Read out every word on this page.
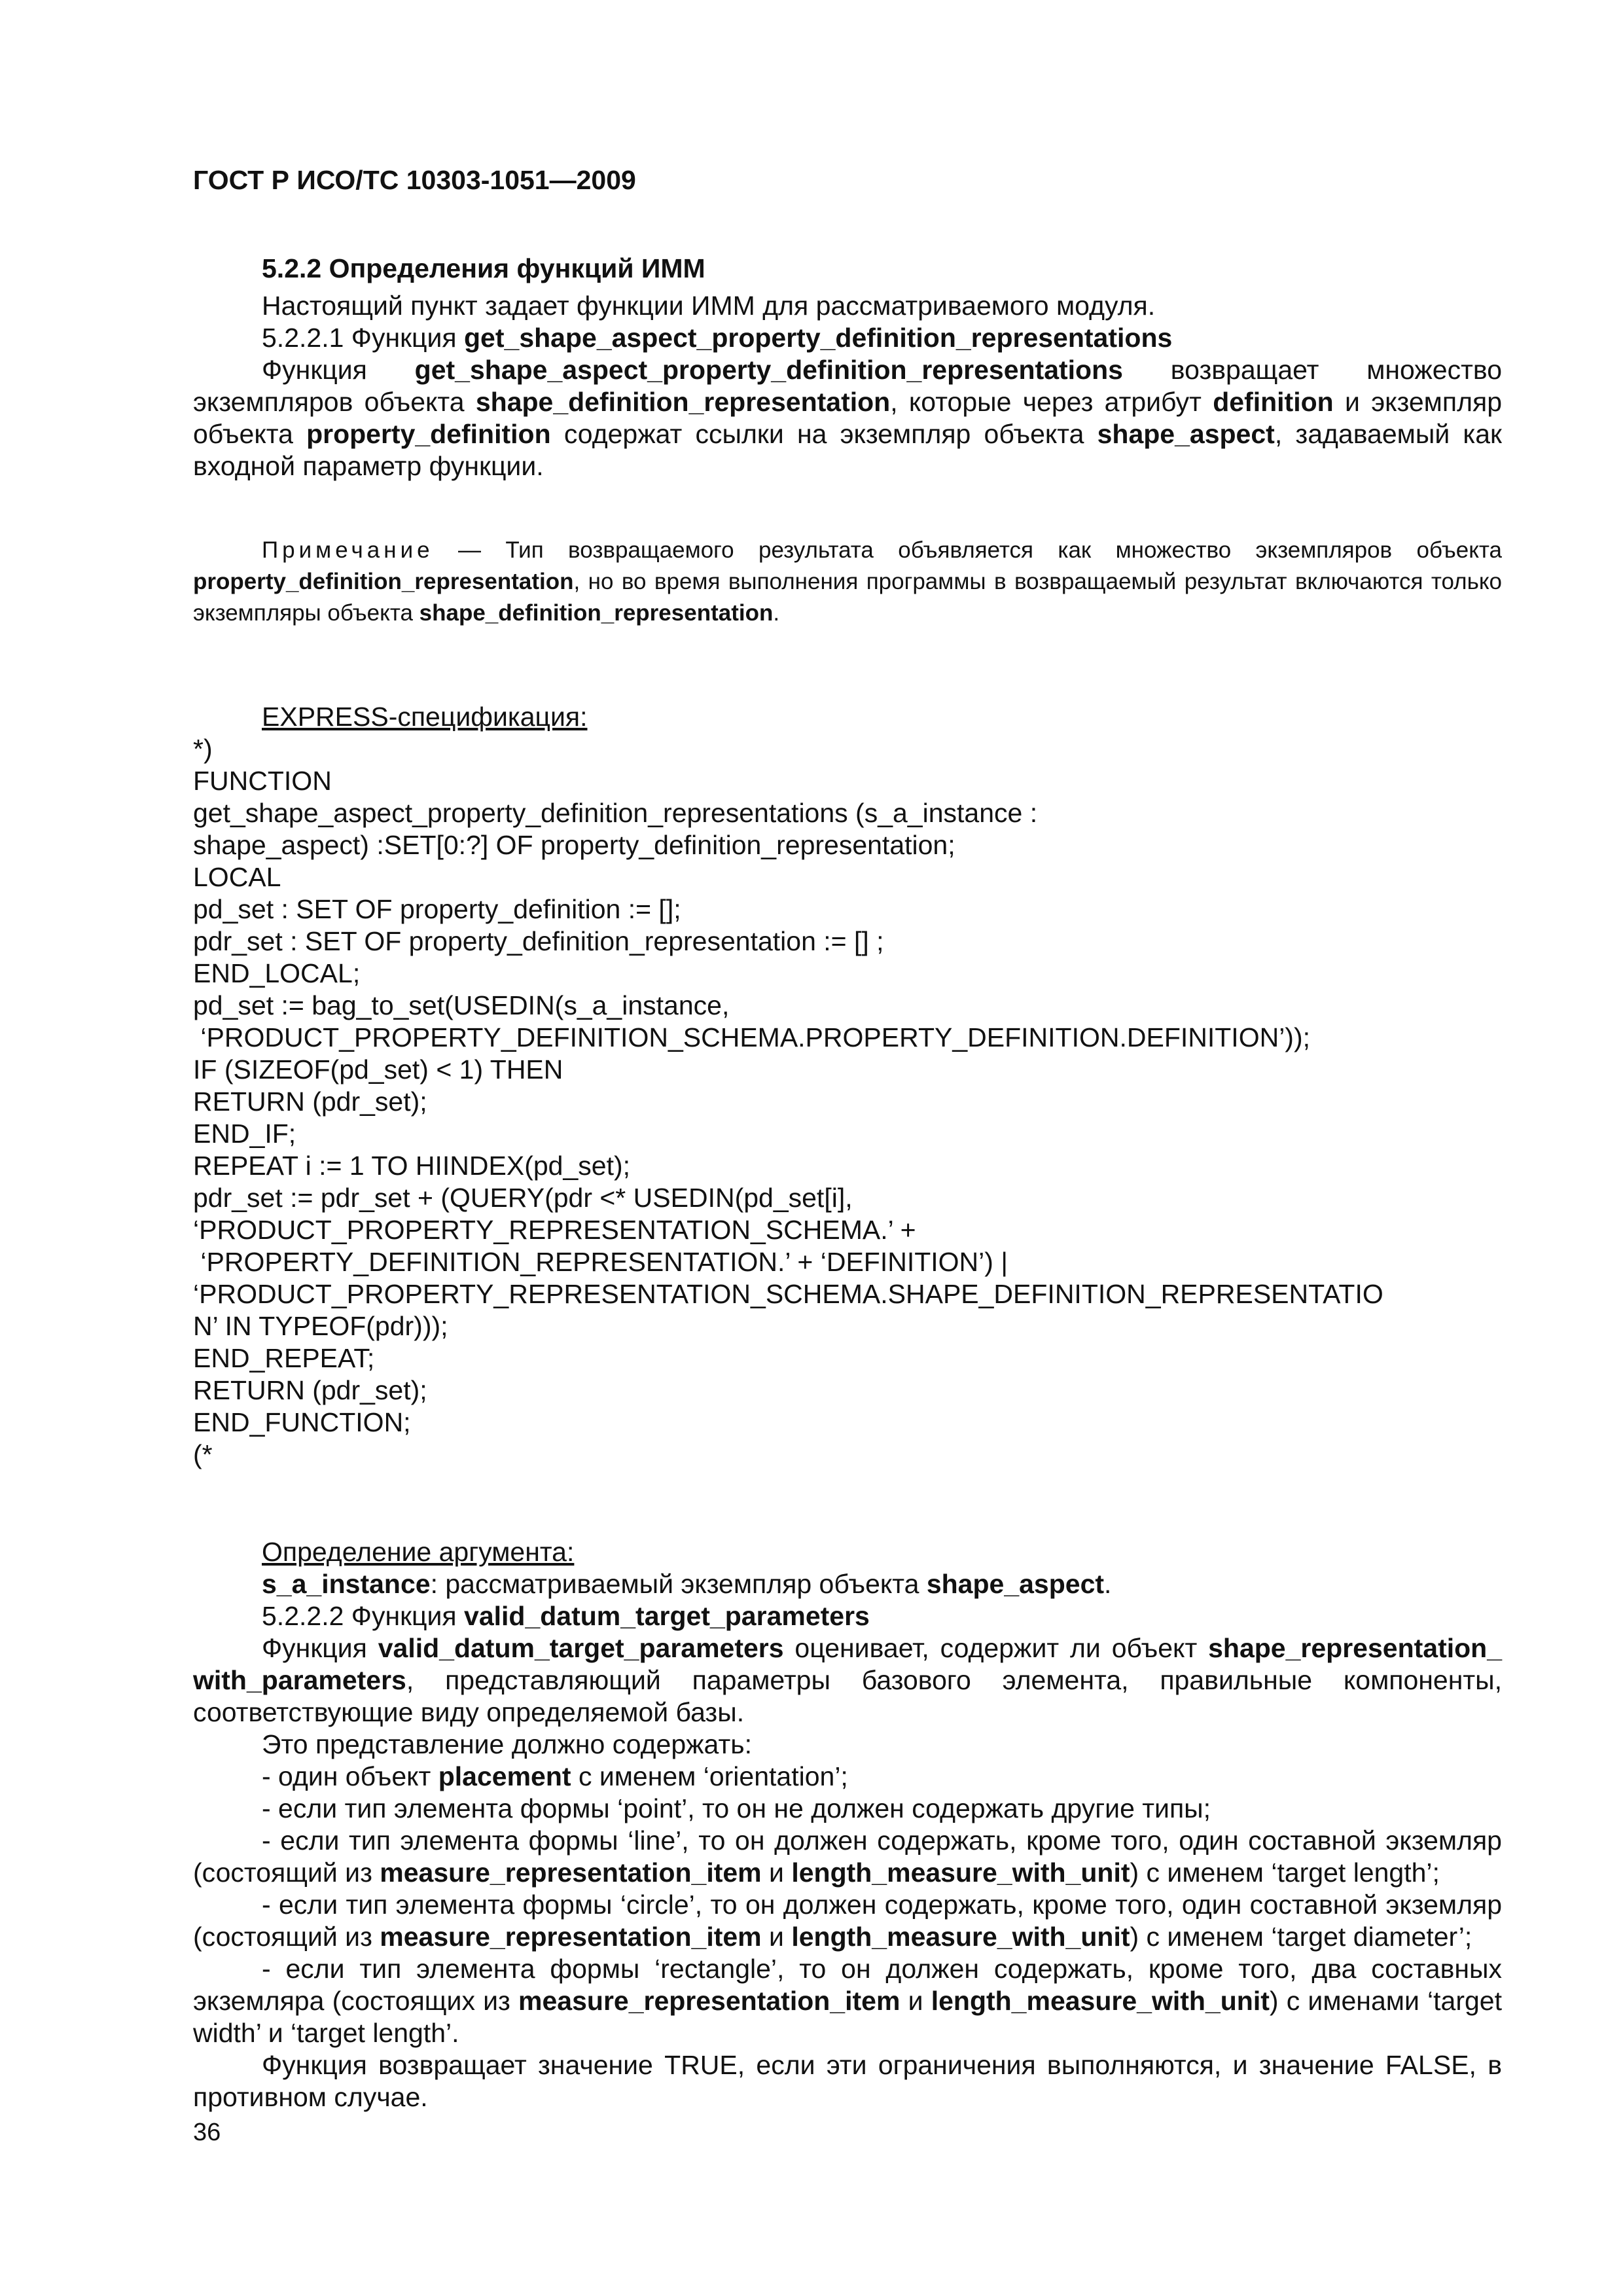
ГОСТ Р ИСО/ТС 10303-1051—2009
5.2.2 Определения функций ИММ

Настоящий пункт задает функции ИММ для рассматриваемого модуля.

5.2.2.1 Функция get_shape_aspect_property_definition_representations

Функция get_shape_aspect_property_definition_representations возвращает множество экземпляров объекта shape_definition_representation, которые через атрибут definition и экземпляр объекта property_definition содержат ссылки на экземпляр объекта shape_aspect, задаваемый как входной параметр функции.

Примечание — Тип возвращаемого результата объявляется как множество экземпляров объекта property_definition_representation, но во время выполнения программы в возвращаемый результат включаются только экземпляры объекта shape_definition_representation.

EXPRESS-спецификация:
*)
FUNCTION
get_shape_aspect_property_definition_representations (s_a_instance :
shape_aspect) :SET[0:?] OF property_definition_representation;
LOCAL
pd_set : SET OF property_definition := [];
pdr_set : SET OF property_definition_representation := [] ;
END_LOCAL;
pd_set := bag_to_set(USEDIN(s_a_instance,
‘PRODUCT_PROPERTY_DEFINITION_SCHEMA.PROPERTY_DEFINITION.DEFINITION’));
IF (SIZEOF(pd_set) < 1) THEN
RETURN (pdr_set);
END_IF;
REPEAT i := 1 TO HIINDEX(pd_set);
pdr_set := pdr_set + (QUERY(pdr <* USEDIN(pd_set[i],
‘PRODUCT_PROPERTY_REPRESENTATION_SCHEMA.’ +
‘PROPERTY_DEFINITION_REPRESENTATION.’ + ‘DEFINITION’) |
‘PRODUCT_PROPERTY_REPRESENTATION_SCHEMA.SHAPE_DEFINITION_REPRESENTATIO
N’ IN TYPEOF(pdr)));
END_REPEAT;
RETURN (pdr_set);
END_FUNCTION;
(*
Определение аргумента:

s_a_instance: рассматриваемый экземпляр объекта shape_aspect.

5.2.2.2 Функция valid_datum_target_parameters

Функция valid_datum_target_parameters оценивает, содержит ли объект shape_representation_ with_parameters, представляющий параметры базового элемента, правильные компоненты, соответствующие виду определяемой базы.

Это представление должно содержать:

- один объект placement с именем ‘orientation’;

- если тип элемента формы ‘point’, то он не должен содержать другие типы;

- если тип элемента формы ‘line’, то он должен содержать, кроме того, один составной экземляр (состоящий из measure_representation_item и length_measure_with_unit) с именем ‘target length’;

- если тип элемента формы ‘circle’, то он должен содержать, кроме того, один составной экземляр (состоящий из measure_representation_item и length_measure_with_unit) с именем ‘target diameter’;

- если тип элемента формы ‘rectangle’, то он должен содержать, кроме того, два составных экземляра (состоящих из measure_representation_item и length_measure_with_unit) с именами ‘target width’ и ‘target length’.

Функция возвращает значение TRUE, если эти ограничения выполняются, и значение FALSE, в противном случае.

36
